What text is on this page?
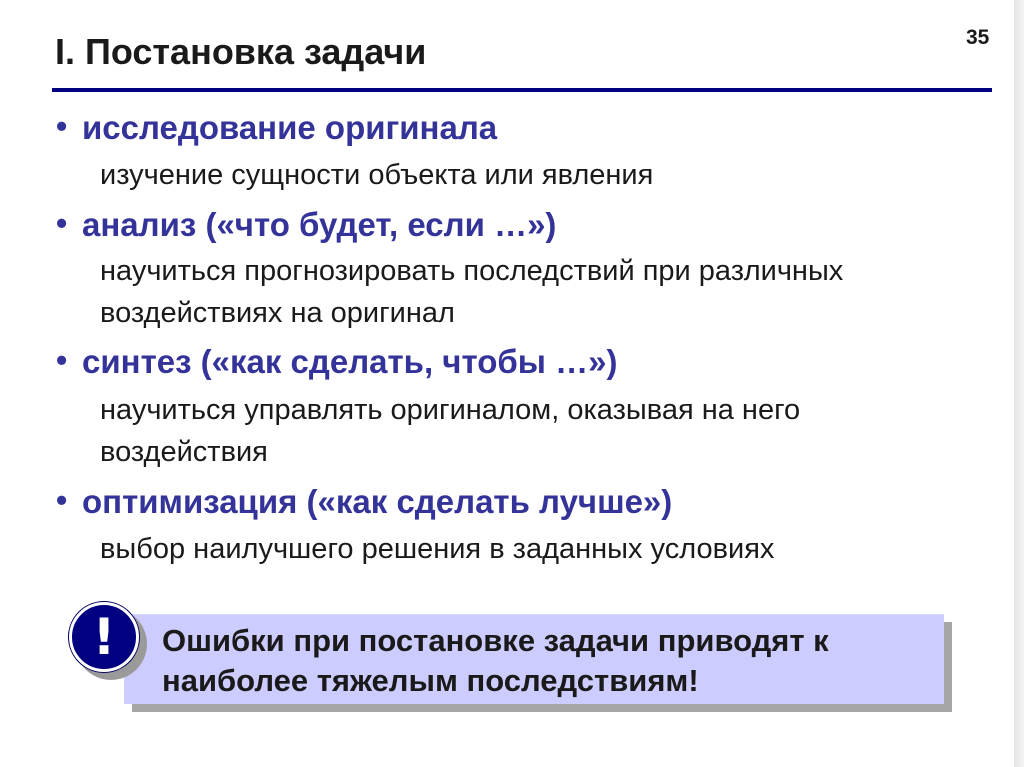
I. Постановка задачи	35
• исследование оригинала
изучение сущности объекта или явления
• анализ («что будет, если …»)
научиться прогнозировать последствий при различных
воздействиях на оригинал
• синтез («как сделать, чтобы …»)
научиться управлять оригиналом, оказывая на него
воздействия
• оптимизация («как сделать лучше»)
выбор наилучшего решения в заданных условиях
Ошибки при постановке задачи приводят к
наиболее тяжелым последствиям!
!
